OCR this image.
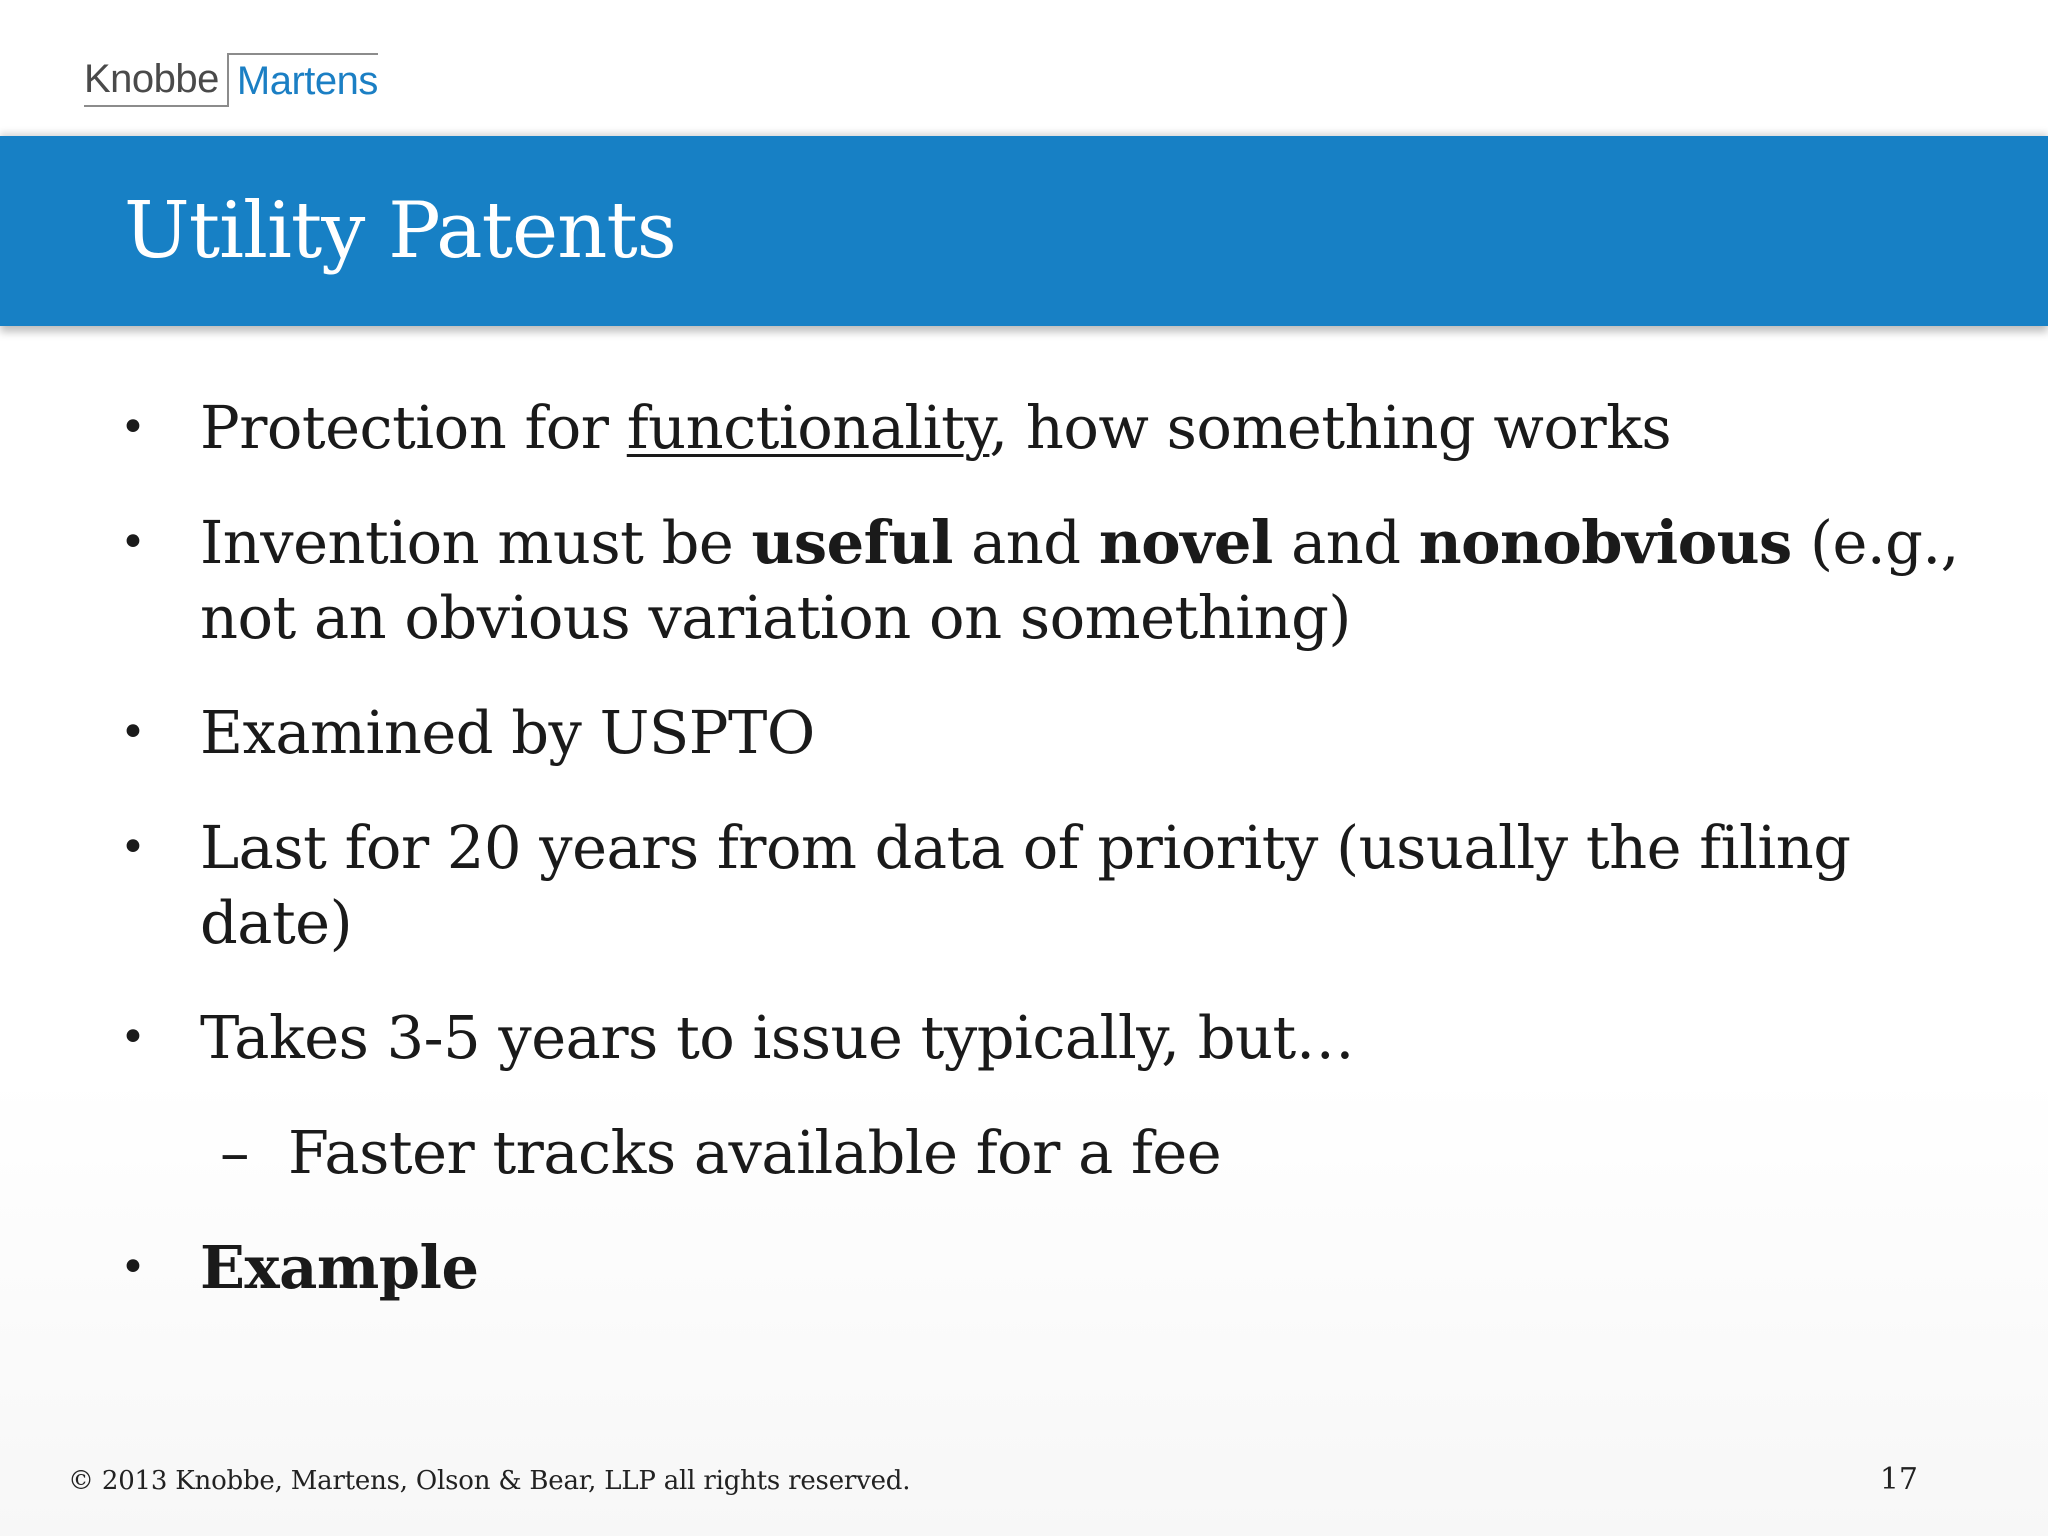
Knobbe Martens
Utility Patents
• Protection for functionality, how something works
• Invention must be useful and novel and nonobvious (e.g., not an obvious variation on something)
• Examined by USPTO
• Last for 20 years from data of priority (usually the filing date)
• Takes 3-5 years to issue typically, but…
– Faster tracks available for a fee
• Example
© 2013 Knobbe, Martens, Olson & Bear, LLP all rights reserved.	17
